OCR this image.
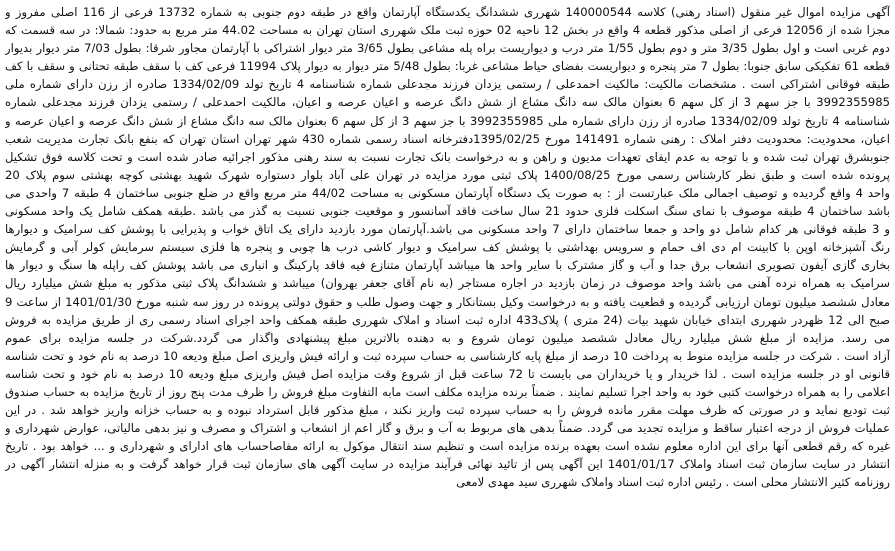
آگهی مزایده اموال غیر منقول (اسناد رهنی) کلاسه 140000544 شهرری ششدانگ یکدستگاه آپارتمان واقع در طبقه دوم جنوبی به شماره 13732 فرعی از 116 اصلی مفروز و
مجزا شده از 12056 فرعی از اصلی مذکور قطعه 4 واقع در بخش 12 ناحیه 02 حوزه ثبت ملک شهرری استان تهران به مساحت 44.02 متر مربع به حدود: شمالا: در سه قسمت که
دوم غربی است و اول بطول 3/35 متر و دوم بطول 1/55 متر درب و دیواریست براه پله مشاعی بطول 3/65 متر دیوار اشتراکی با آپارتمان مجاور شرقا: بطول 7/03 متر دیوار بدیوار
قطعه 61 تفکیکی سابق جنوبا: بطول 7 متر پنجره و دیواریست بفضای حیاط مشاعی غربا: بطول 5/48 متر دیوار به دیوار پلاک 11994 فرعی کف با سقف طبقه تحتانی و سقف با کف
طبقه فوقانی اشتراکی است . مشخصات مالکیت: مالکیت احمدعلی / رستمی یزدان فرزند مجدعلی شماره شناسنامه 4 تاریخ تولد 1334/02/09 صادره از رزن دارای شماره ملی
3992355985 با جز سهم 3 از کل سهم 6 بعنوان مالک سه دانگ مشاع از شش دانگ عرصه و اعیان عرصه و اعیان، مالکیت احمدعلی / رستمی یزدان فرزند مجدعلی شماره
شناسنامه 4 تاریخ تولد 1334/02/09 صادره از رزن دارای شماره ملی 3992355985 با جز سهم 3 از کل سهم 6 بعنوان مالک سه دانگ مشاع از شش دانگ عرصه و اعیان عرصه و
اعیان، محدودیت: محدودیت دفتر املاک : رهنی شماره 141491 مورخ 1395/02/25دفترخانه اسناد رسمی شماره 430 شهر تهران استان تهران که بنفع بانک تجارت مدیریت شعب
جنوبشرق تهران ثبت شده و با توجه به عدم ایفای تعهدات مدیون و راهن و به درخواست بانک تجارت نسبت به سند رهنی مذکور اجرائیه صادر شده است و تحت کلاسه فوق تشکیل
پرونده شده است و طبق نظر کارشناس رسمی مورخ 1400/08/25 پلاک ثبتی مورد مزایده در تهران علی آباد بلوار دستواره شهرک شهید بهشتی کوچه بهشتی سوم پلاک 20
واحد 4 واقع گردیده و توصیف اجمالی ملک عبارتست از : به صورت یک دستگاه آپارتمان مسکونی به مساحت 44/02 متر مربع واقع در ضلع جنوبی ساختمان 4 طبقه 7 واحدی می
باشد ساختمان 4 طبقه موصوف با نمای سنگ اسکلت فلزی حدود 21 سال ساخت فاقد آسانسور و موقعیت جنوبی نسبت به گذر می باشد .طبقه همکف شامل یک واحد مسکونی
و 3 طبقه فوقانی هر کدام شامل دو واحد و جمعا ساختمان دارای 7 واحد مسکونی می باشد.آپارتمان مورد بازدید دارای یک اتاق خواب و پذیرایی با پوشش کف سرامیک و دیوارها
رنگ آشپزخانه اوپن با کابینت ام دی اف حمام و سرویس بهداشتی با پوشش کف سرامیک و دیوار کاشی درب ها چوبی و پنجره ها فلزی سیستم سرمایش کولر آبی و گرمایش
بخاری گازی آیفون تصویری انشعاب برق جدا و آب و گاز مشترک با سایر واحد ها میباشد آپارتمان متنازع فیه فاقد پارکینگ و انباری می باشد پوشش کف راپله ها سنگ و دیوار ها
سرامیک به همراه نرده آهنی می باشد واحد موصوف در زمان بازدید در اجاره مستاجر (به نام آقای جعفر بهروان) میباشد و ششدانگ پلاک ثبتی مذکور به مبلغ شش میلیارد ریال
معادل ششصد میلیون تومان ارزیابی گردیده و قطعیت یافته و به درخواست وکیل بستانکار و جهت وصول طلب و حقوق دولتی پرونده در روز سه شنبه مورخ 1401/01/30 از ساعت 9
صبح الی 12 ظهردر شهرری ابتدای خیابان شهید بیات (24 متری ) پلاک433 اداره ثبت اسناد و املاک شهرری طبقه همکف واحد اجرای اسناد رسمی ری از طریق مزایده به فروش
می رسد. مزایده از مبلغ شش میلیارد ریال معادل ششصد میلیون تومان شروع و به دهنده بالاترین مبلغ پیشنهادی واگذار می گردد.شرکت در جلسه مزایده برای عموم
آزاد است . شرکت در جلسه مزایده منوط به پرداخت 10 درصد از مبلغ پایه کارشناسی به حساب سپرده ثبت و ارائه فیش واریزی اصل مبلغ ودیعه 10 درصد به نام خود و تحت شناسه
قانونی او در جلسه مزایده است . لذا خریدار و یا خریداران می بایست تا 72 ساعت قبل از شروع وقت مزایده اصل فیش واریزی مبلغ ودیعه 10 درصد به نام خود و تحت شناسه
اعلامی را به همراه درخواست کتبی خود به واحد اجرا تسلیم نمایند . ضمناً برنده مزایده مکلف است مابه التفاوت مبلغ فروش را ظرف مدت پنج روز از تاریخ مزایده به حساب صندوق
ثبت تودیع نماید و در صورتی که ظرف مهلت مقرر مانده فروش را به حساب سپرده ثبت واریز نکند ، مبلغ مذکور قابل استرداد نبوده و به حساب خزانه واریز خواهد شد . در این
عملیات فروش از درجه اعتبار ساقط و مزایده تجدید می گردد. ضمناً بدهی های مربوط به آب و برق و گاز اعم از انشعاب و اشتراک و مصرف و نیز بدهی مالیاتی، عوارض شهرداری و
غیره که رقم قطعی آنها برای این اداره معلوم نشده است بعهده برنده مزایده است و تنظیم سند انتقال موکول به ارائه مفاصاحساب های ادارای و شهرداری و ... خواهد بود . تاریخ
انتشار در سایت سازمان ثبت اسناد واملاک 1401/01/17 این آگهی پس از تائید نهائی فرآیند مزایده در سایت آگهی های سازمان ثبت قرار خواهد گرفت و به منزله انتشار آگهی در
روزنامه کثیر الانتشار محلی است . رئیس اداره ثبت اسناد واملاک شهرری سید مهدی لامعی
